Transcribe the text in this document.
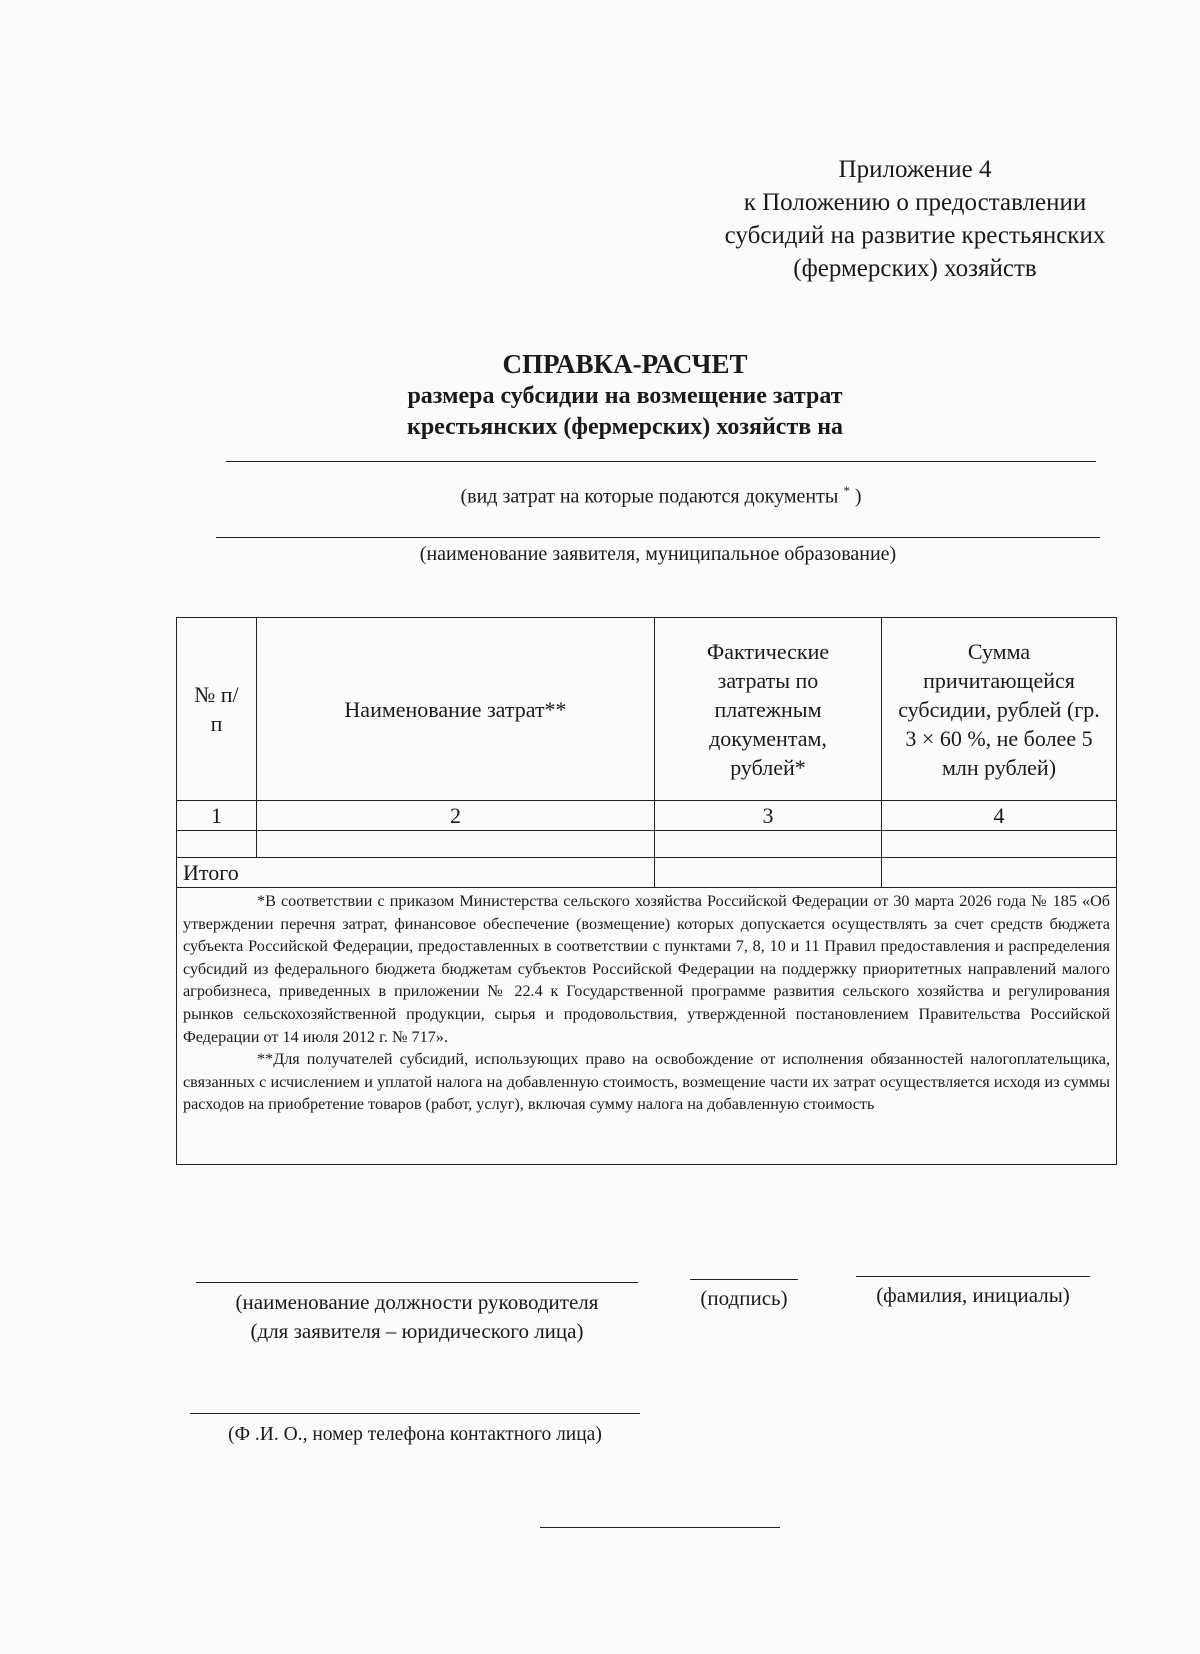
Приложение 4
к Положению о предоставлении
субсидий на развитие крестьянских
(фермерских) хозяйств
СПРАВКА-РАСЧЕТ
размера субсидии на возмещение затрат
крестьянских (фермерских) хозяйств на
(вид затрат на которые подаются документы * )
(наименование заявителя, муниципальное образование)
№ п/п	Наименование затрат**	Фактические затраты по платежным документам, рублей*	Сумма причитающейся субсидии, рублей (гр. 3 × 60 %, не более 5 млн рублей)
1	2	3	4

Итого			

*В соответствии с приказом Министерства сельского хозяйства Российской Федерации от 30 марта 2026 года № 185 «Об утверждении перечня затрат, финансовое обеспечение (возмещение) которых допускается осуществлять за счет средств бюджета субъекта Российской Федерации, предоставленных в соответствии с пунктами 7, 8, 10 и 11 Правил предоставления и распределения субсидий из федерального бюджета бюджетам субъектов Российской Федерации на поддержку приоритетных направлений малого агробизнеса, приведенных в приложении № 22.4 к Государственной программе развития сельского хозяйства и регулирования рынков сельскохозяйственной продукции, сырья и продовольствия, утвержденной постановлением Правительства Российской Федерации от 14 июля 2012 г. № 717».

**Для получателей субсидий, использующих право на освобождение от исполнения обязанностей налогоплательщика, связанных с исчислением и уплатой налога на добавленную стоимость, возмещение части их затрат осуществляется исходя из суммы расходов на приобретение товаров (работ, услуг), включая сумму налога на добавленную стоимость			

(наименование должности руководителя
(для заявителя – юридического лица)
(подпись)	(фамилия, инициалы)
(Ф .И. О., номер телефона контактного лица)
